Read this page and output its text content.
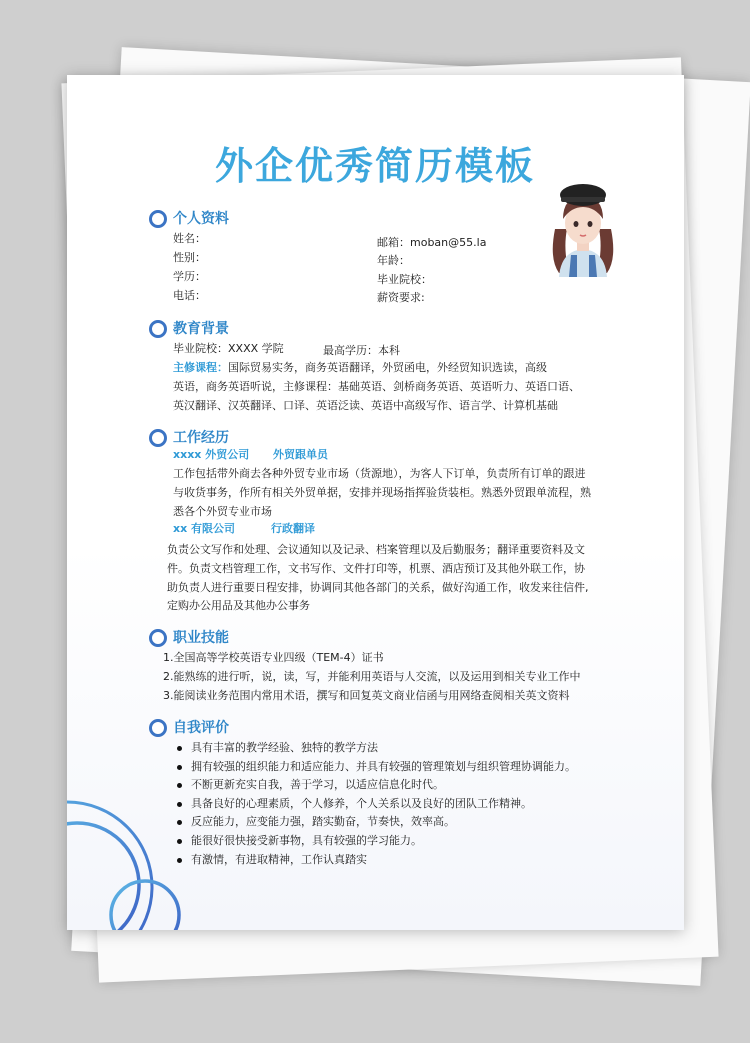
外企优秀简历模板
个人资料
姓名：
性别：
学历：
电话：
邮箱：moban@55.la
年龄：
毕业院校：
薪资要求:
教育背景
毕业院校：XXXX 学院	最高学历：本科
主修课程：国际贸易实务，商务英语翻译，外贸函电，外经贸知识选读，高级
英语，商务英语听说，主修课程：基础英语、剑桥商务英语、英语听力、英语口语、
英汉翻译、汉英翻译、口译、英语泛读、英语中高级写作、语言学、计算机基础
工作经历
xxxx 外贸公司 外贸跟单员
工作包括带外商去各种外贸专业市场（货源地），为客人下订单，负责所有订单的跟进
与收货事务，作所有相关外贸单据，安排并现场指挥验货装柜。熟悉外贸跟单流程，熟
悉各个外贸专业市场
xx 有限公司	行政翻译
负责公文写作和处理、会议通知以及记录、档案管理以及后勤服务；翻译重要资料及文
件。负责文档管理工作，文书写作、文件打印等，机票、酒店预订及其他外联工作，协
助负责人进行重要日程安排，协调同其他各部门的关系，做好沟通工作，收发来往信件,
定购办公用品及其他办公事务
职业技能
1.全国高等学校英语专业四级（TEM-4）证书
2.能熟练的进行听，说，读，写，并能利用英语与人交流，以及运用到相关专业工作中
3.能阅读业务范围内常用术语，撰写和回复英文商业信函与用网络查阅相关英文资料
自我评价
具有丰富的教学经验、独特的教学方法
拥有较强的组织能力和适应能力、并具有较强的管理策划与组织管理协调能力。
不断更新充实自我，善于学习，以适应信息化时代。
具备良好的心理素质，个人修养，个人关系以及良好的团队工作精神。
反应能力，应变能力强，踏实勤奋，节奏快，效率高。
能很好很快接受新事物，具有较强的学习能力。
有激情，有进取精神，工作认真踏实
